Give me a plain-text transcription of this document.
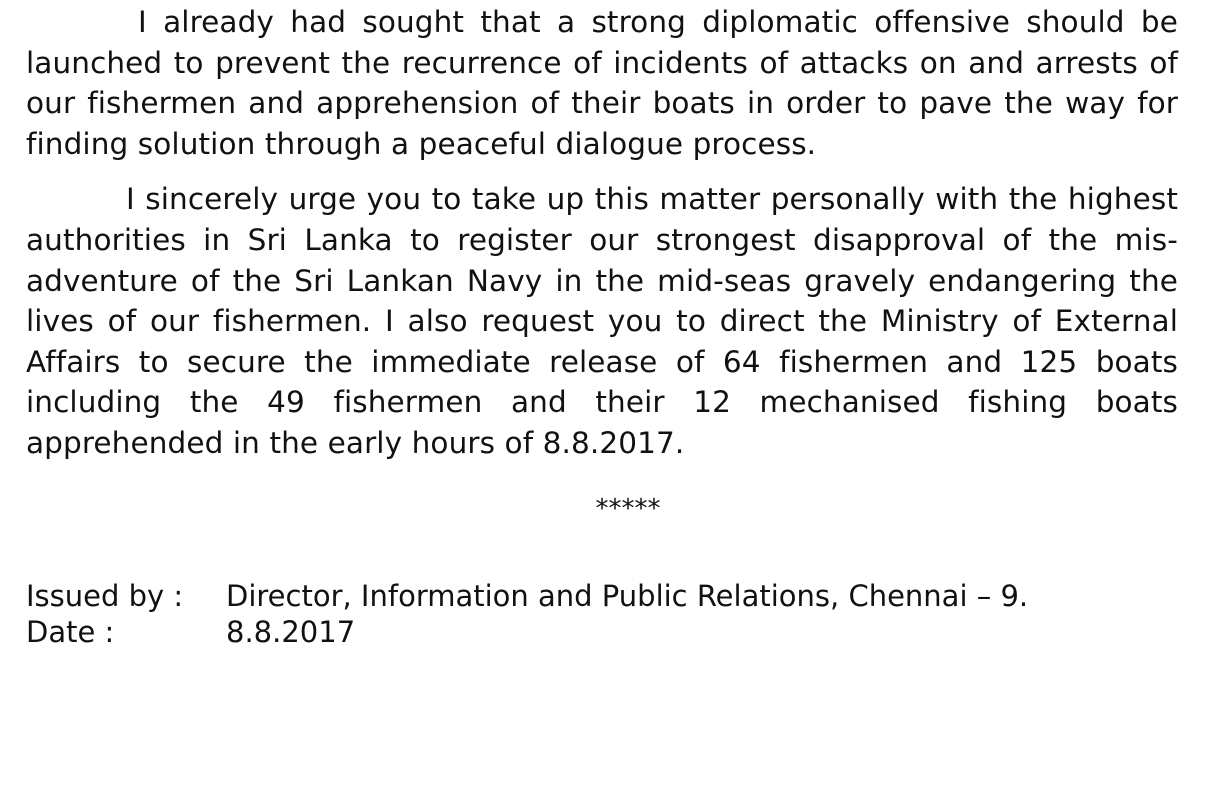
I already had sought that a strong diplomatic offensive should be launched to prevent the recurrence of incidents of attacks on and arrests of our fishermen and apprehension of their boats in order to pave the way for finding solution through a peaceful dialogue process.

I sincerely urge you to take up this matter personally with the highest authorities in Sri Lanka to register our strongest disapproval of the mis-adventure of the Sri Lankan Navy in the mid-seas gravely endangering the lives of our fishermen. I also request you to direct the Ministry of External Affairs to secure the immediate release of 64 fishermen and 125 boats including the 49 fishermen and their 12 mechanised fishing boats apprehended in the early hours of 8.8.2017.

*****
Issued by :	Director, Information and Public Relations, Chennai – 9.
Date :	8.8.2017
